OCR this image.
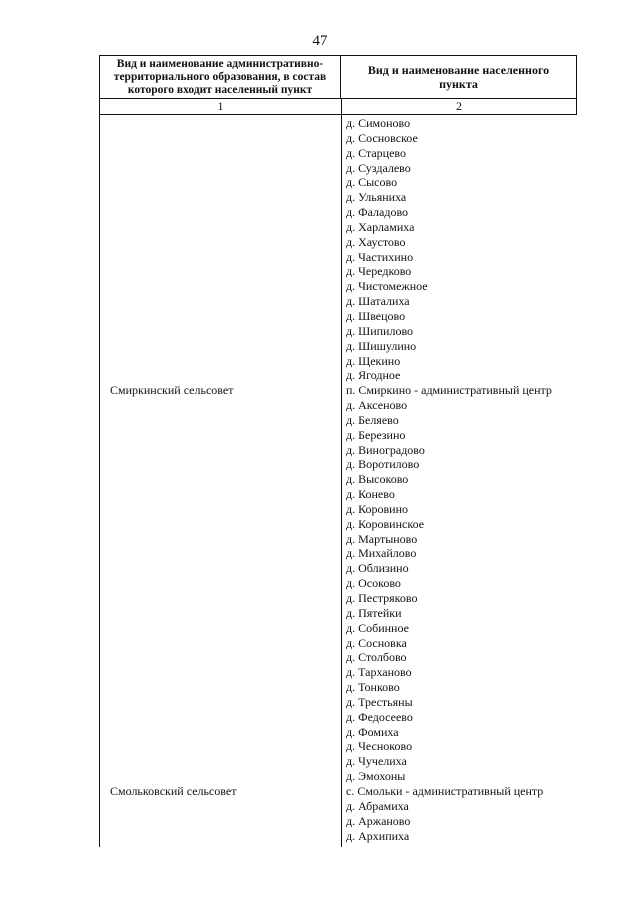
47
Вид и наименование административно-территориального образования, в состав которого входит населенный пункт
Вид и наименование населенного пункта
1	2
Смиркинский сельсовет
Смольковский сельсовет
д. Симоново
д. Сосновское
д. Старцево
д. Суздалево
д. Сысово
д. Ульяниха
д. Фаладово
д. Харламиха
д. Хаустово
д. Частихино
д. Чередково
д. Чистомежное
д. Шаталиха
д. Швецово
д. Шипилово
д. Шишулино
д. Щекино
д. Ягодное
п. Смиркино - административный центр
д. Аксеново
д. Беляево
д. Березино
д. Виноградово
д. Воротилово
д. Высоково
д. Конево
д. Коровино
д. Коровинское
д. Мартыново
д. Михайлово
д. Облизино
д. Осоково
д. Пестряково
д. Пятейки
д. Собинное
д. Сосновка
д. Столбово
д. Тарханово
д. Тонково
д. Трестьяны
д. Федосеево
д. Фомиха
д. Чесноково
д. Чучелиха
д. Эмохоны
с. Смольки - административный центр
д. Абрамиха
д. Аржаново
д. Архипиха
